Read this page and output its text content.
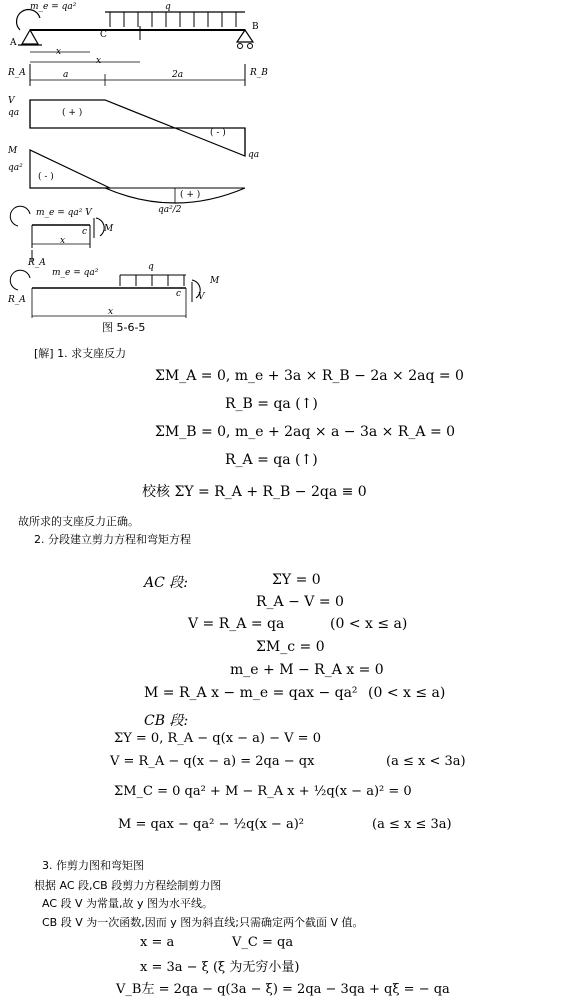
m_e = qa²	q
A
B
C
x
x
R_A	R_B
a	2a
V
qa	( + )
( - )
qa
M
qa²
( - )
( + )
qa²/2
m_e = qa² V
M
c
x
R_A
m_e = qa²
q
M
c V
x
R_A
图 5-6-5
[解] 1. 求支座反力
ΣM_A = 0, m_e + 3a × R_B − 2a × 2aq = 0
R_B = qa (↑)
ΣM_B = 0, m_e + 2aq × a − 3a × R_A = 0
R_A = qa (↑)
校核 ΣY = R_A + R_B − 2qa ≡ 0
故所求的支座反力正确。
2. 分段建立剪力方程和弯矩方程
AC 段:	ΣY = 0
R_A − V = 0
V = R_A = qa	(0 < x ≤ a)
ΣM_c = 0
m_e + M − R_A x = 0
M = R_A x − m_e = qax − qa² (0 < x ≤ a)
CB 段:
ΣY = 0, R_A − q(x − a) − V = 0
V = R_A − q(x − a) = 2qa − qx	(a ≤ x < 3a)
ΣM_C = 0 qa² + M − R_A x + ½q(x − a)² = 0
M = qax − qa² − ½q(x − a)²	(a ≤ x ≤ 3a)
3. 作剪力图和弯矩图
根据 AC 段,CB 段剪力方程绘制剪力图
AC 段 V 为常量,故 y 图为水平线。
CB 段 V 为一次函数,因而 y 图为斜直线;只需确定两个截面 V 值。
x = a	V_C = qa
x = 3a − ξ (ξ 为无穷小量)
V_B左 = 2qa − q(3a − ξ) = 2qa − 3qa + qξ = − qa
